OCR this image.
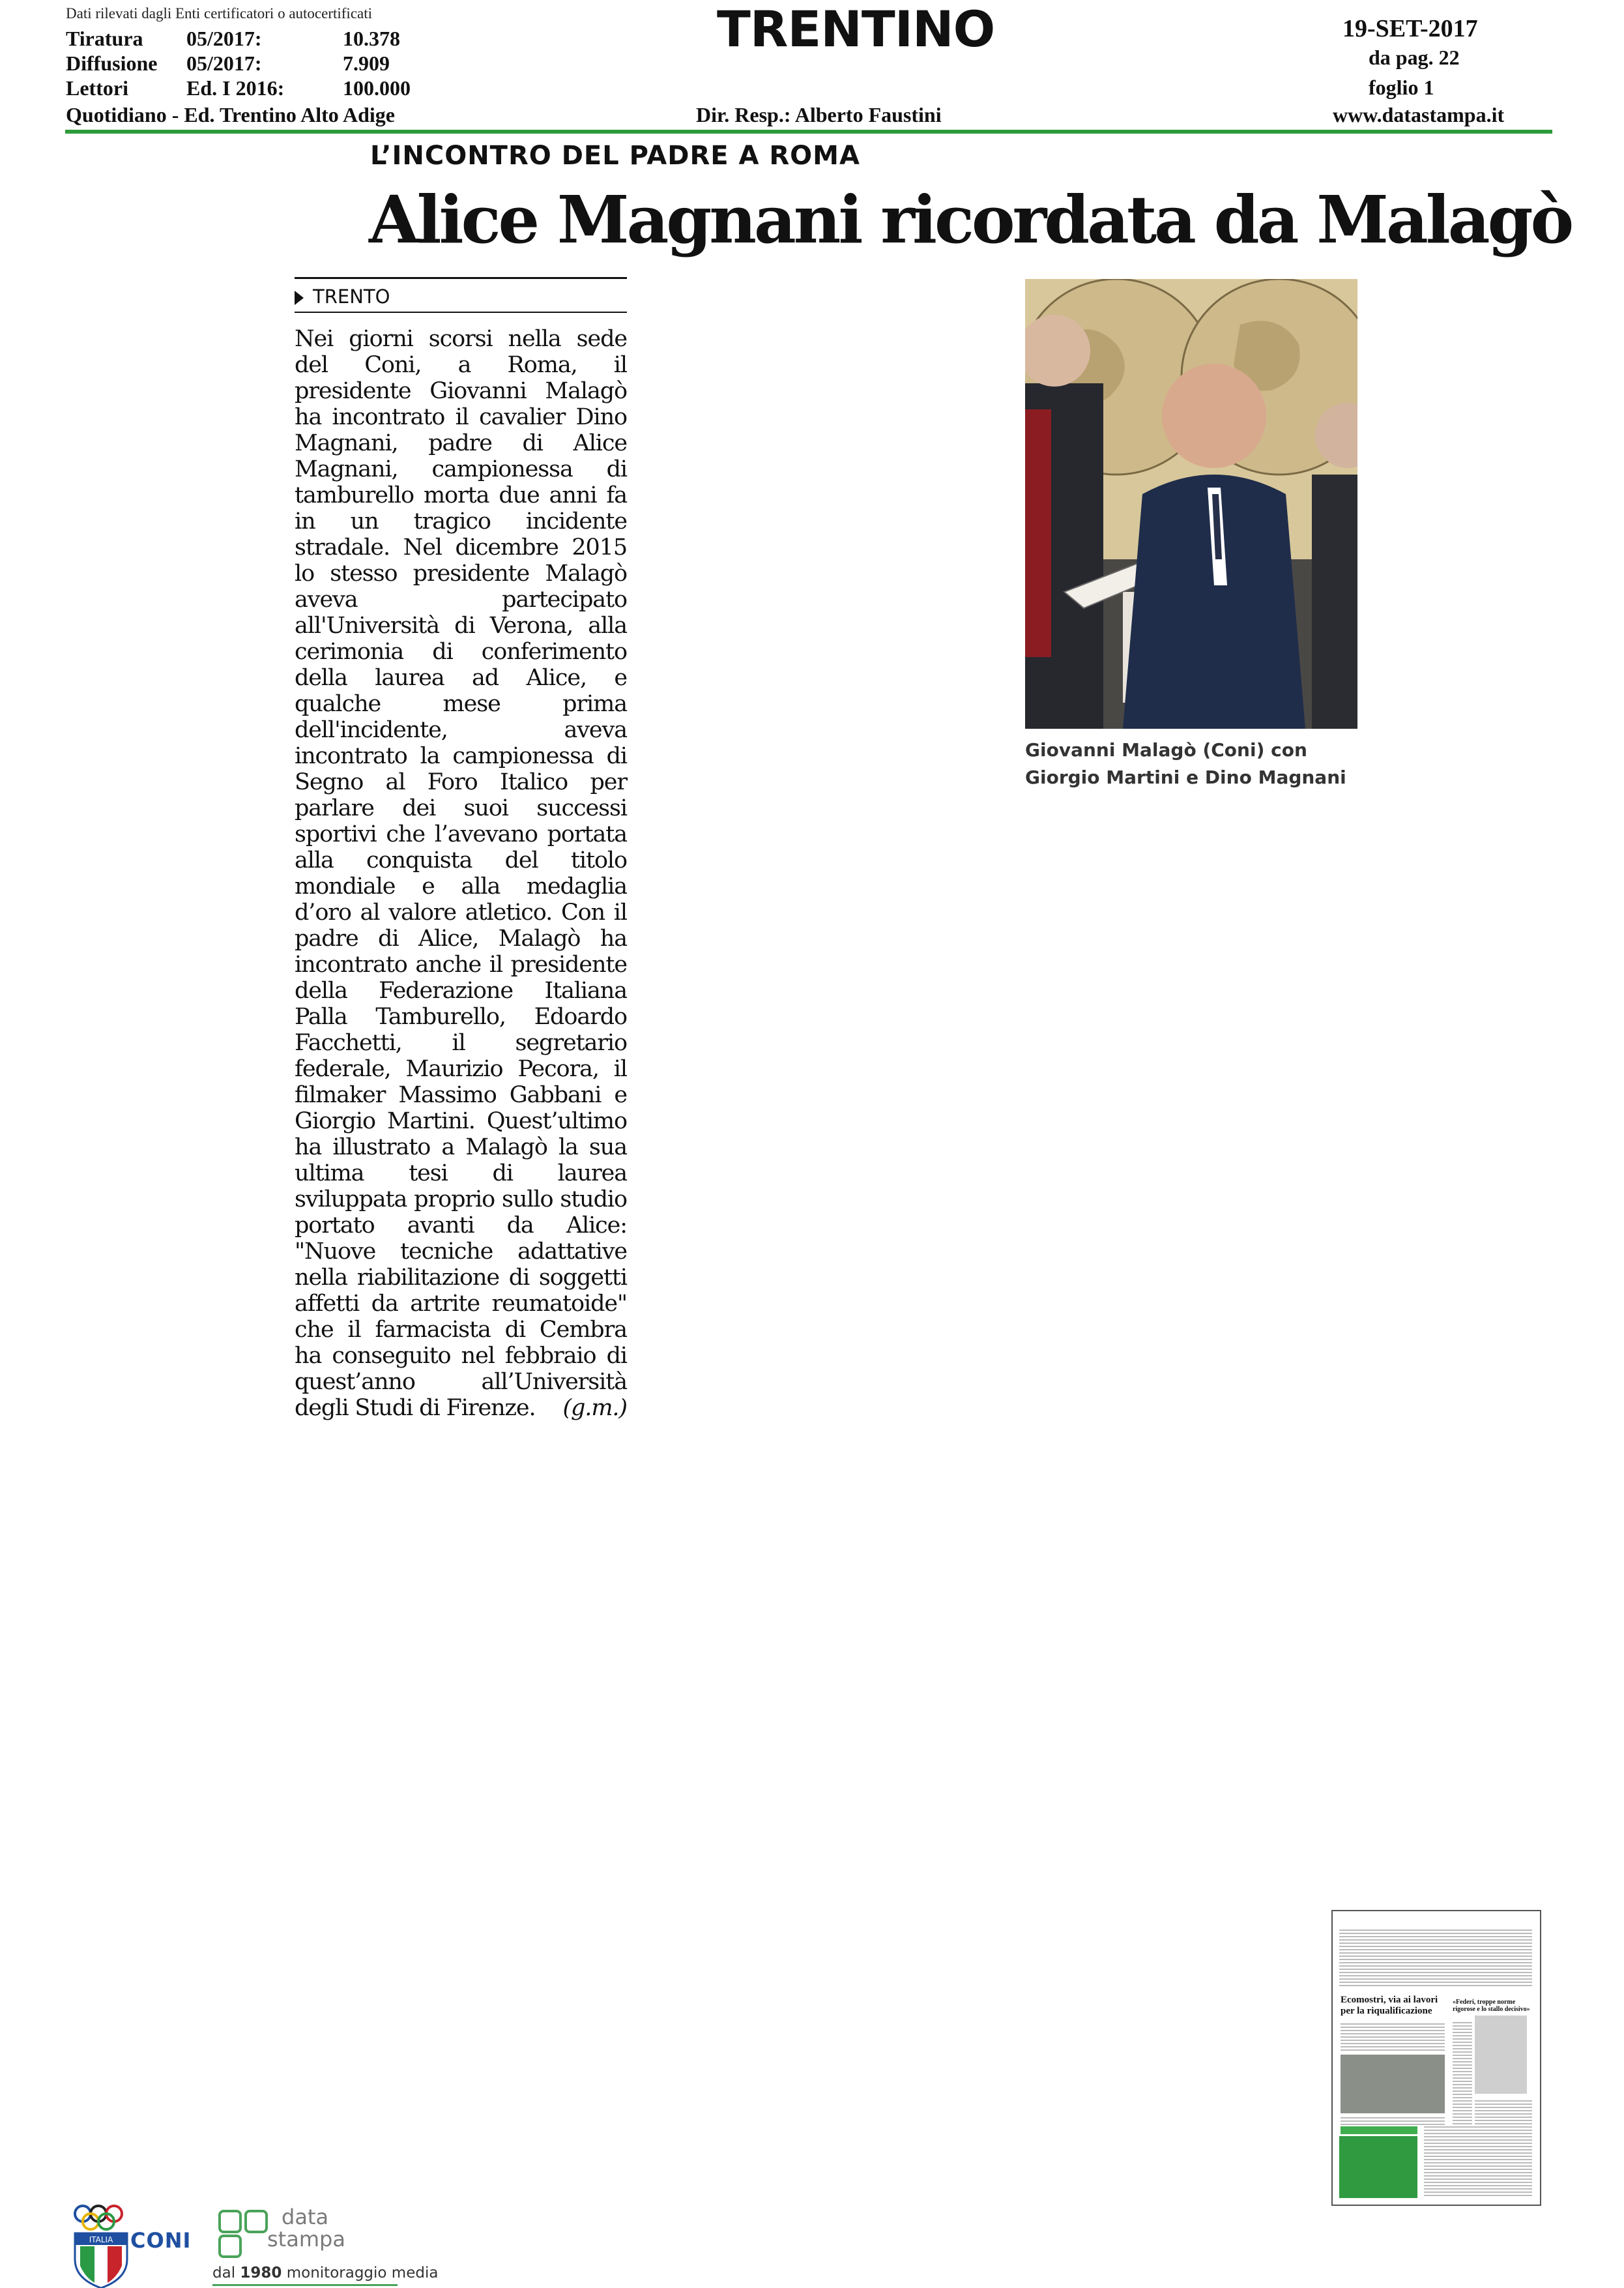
Dati rilevati dagli Enti certificatori o autocertificati
Tiratura	05/2017:	10.378
Diffusione	05/2017:	7.909
Lettori	Ed. I 2016:	100.000
Quotidiano - Ed. Trentino Alto Adige
TRENTINO
Dir. Resp.: Alberto Faustini
19-SET-2017
da pag. 22
foglio 1
www.datastampa.it
L’INCONTRO DEL PADRE A ROMA
Alice Magnani ricordata da Malagò
TRENTO
Nei giorni scorsi nella sede del Coni, a Roma, il presidente Giovanni Malagò ha incontrato il cavalier Dino Magnani, padre di Alice Magnani, campionessa di tamburello morta due anni fa in un tragico incidente stradale. Nel dicembre 2015 lo stesso presidente Malagò aveva partecipato all'Università di Verona, alla cerimonia di conferimento della laurea ad Alice, e qualche mese prima dell'incidente, aveva incontrato la campionessa di Segno al Foro Italico per parlare dei suoi successi sportivi che l’avevano portata alla conquista del titolo mondiale e alla medaglia d’oro al valore atletico. Con il padre di Alice, Malagò ha incontrato anche il presidente della Federazione Italiana Palla Tamburello, Edoardo Facchetti, il segretario federale, Maurizio Pecora, il filmaker Massimo Gabbani e Giorgio Martini. Quest’ultimo ha illustrato a Malagò la sua ultima tesi di laurea sviluppata proprio sullo studio portato avanti da Alice: "Nuove tecniche adattative nella riabilitazione di soggetti affetti da artrite reumatoide" che il farmacista di Cembra ha conseguito nel febbraio di quest’anno all’Università degli Studi di Firenze. (g.m.)
Giovanni Malagò (Coni) con
Giorgio Martini e Dino Magnani
Ecomostri, via ai lavori per la riqualificazione
«Federi, troppe norme rigorose e lo stallo decisivo»
ITALIA CONI
data
stampa
dal 1980 monitoraggio media
